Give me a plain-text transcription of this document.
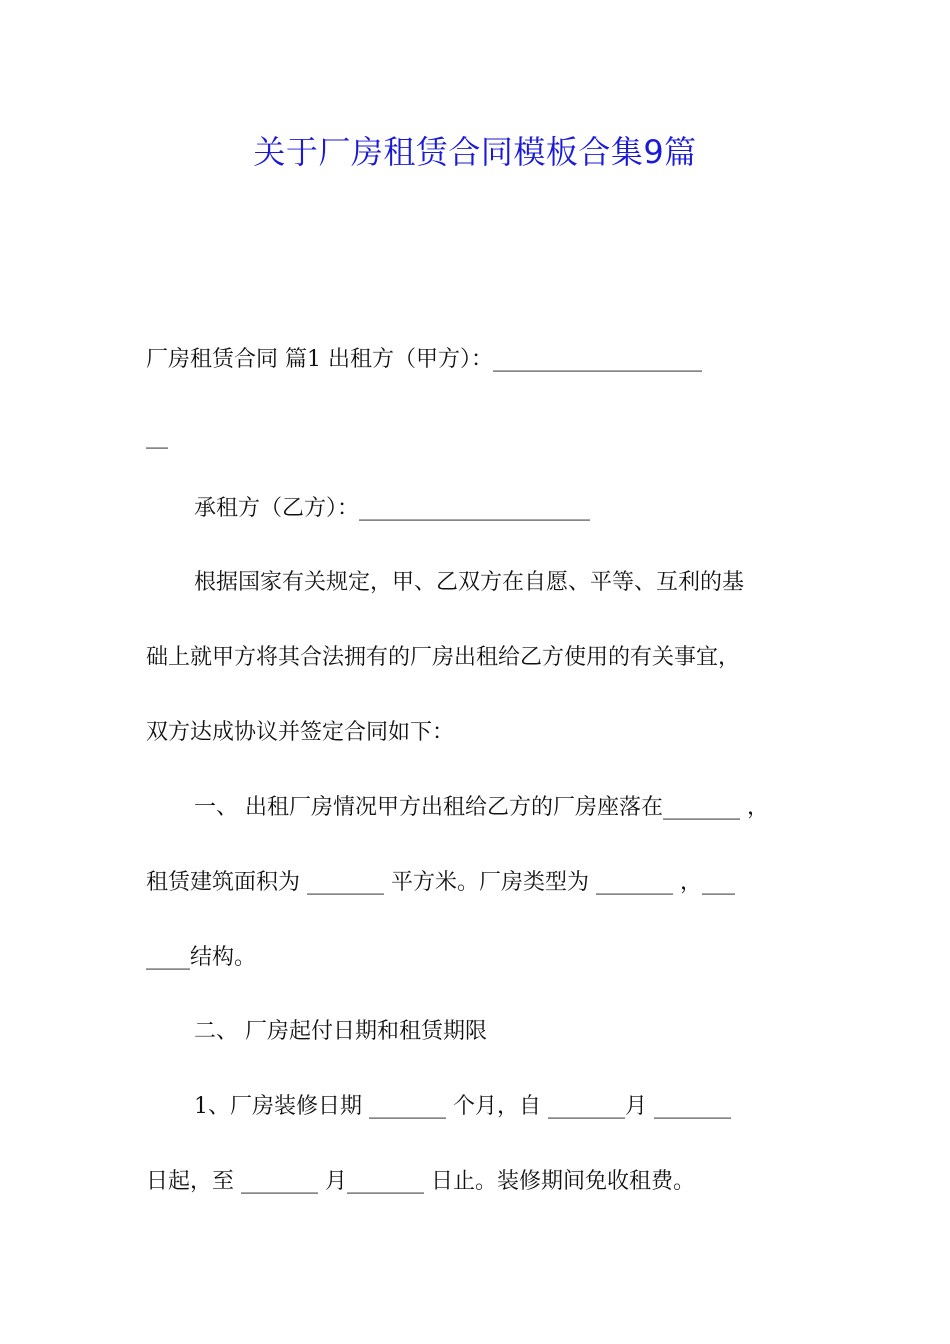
关于厂房租赁合同模板合集9篇
厂房租赁合同 篇1 出租方（甲方）：___________________
__
承租方（乙方）：_____________________
根据国家有关规定，甲、乙双方在自愿、平等、互利的基
础上就甲方将其合法拥有的厂房出租给乙方使用的有关事宜，
双方达成协议并签定合同如下：
一、 出租厂房情况甲方出租给乙方的厂房座落在_______ ，
租赁建筑面积为 _______ 平方米。厂房类型为 _______ ，___
____结构。
二、 厂房起付日期和租赁期限
1、厂房装修日期 _______ 个月，自 _______月 _______
日起，至 _______ 月_______ 日止。装修期间免收租费。
